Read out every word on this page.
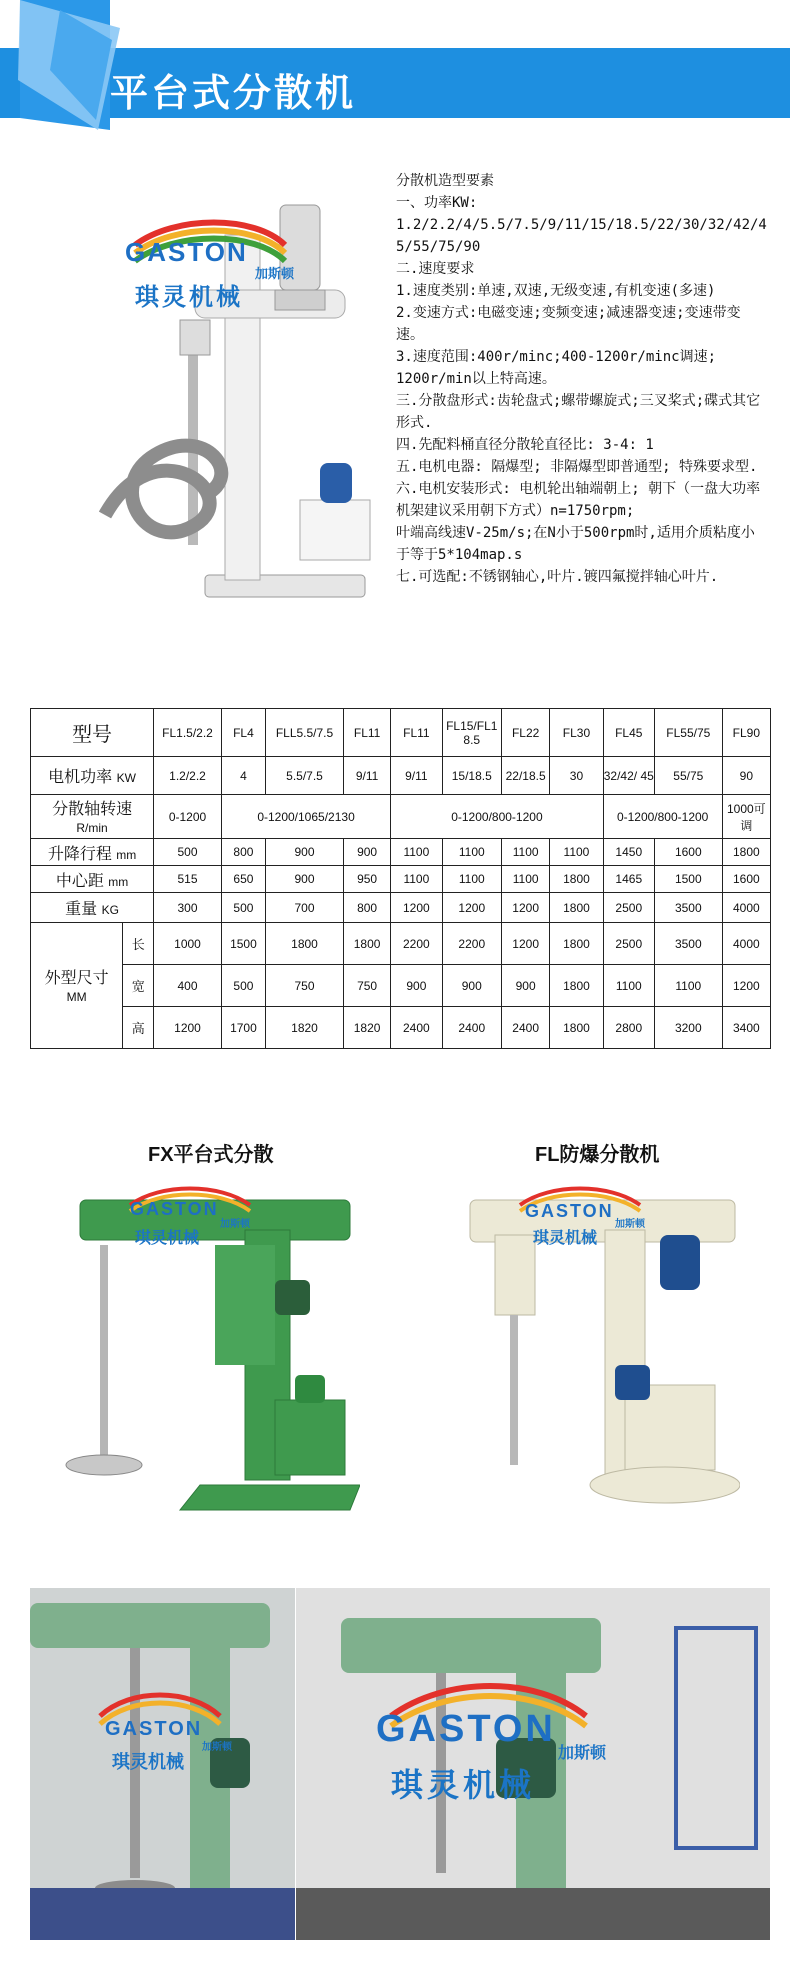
平台式分散机
GASTON
加斯顿
琪灵机械
分散机造型要素
一、功率KW:
1.2/2.2/4/5.5/7.5/9/11/15/18.5/22/30/32/42/45/55/75/90
二.速度要求
1.速度类别:单速,双速,无级变速,有机变速(多速)
2.变速方式:电磁变速;变频变速;减速器变速;变速带变速。
3.速度范围:400r/minc;400-1200r/minc调速; 1200r/min以上特高速。
三.分散盘形式:齿轮盘式;螺带螺旋式;三叉桨式;碟式其它形式.
四.先配料桶直径分散轮直径比: 3-4: 1
五.电机电器: 隔爆型; 非隔爆型即普通型; 特殊要求型.
六.电机安装形式: 电机轮出轴端朝上; 朝下（一盘大功率机架建议采用朝下方式）n=1750rpm;
叶端高线速V-25m/s;在N小于500rpm时,适用介质粘度小于等于5*104map.s
七.可选配:不锈钢轴心,叶片.镀四氟搅拌轴心叶片.
型号		FL1.5/2.2	FL4	FLL5.5/7.5	FL11	FL11	FL15/FL1 8.5	FL22	FL30	FL45	FL55/75	FL90
电机功率 KW		1.2/2.2	4	5.5/7.5	9/11	9/11	15/18.5	22/18.5	30	32/42/ 45	55/75	90

分散轴转速
R/min		0-1200	0-1200/1065/2130			0-1200/800-1200				0-1200/800-1200		1000可调
升降行程 mm		500	800	900	900	1100	1100	1100	1100	1450	1600	1800
中心距 mm		515	650	900	950	1100	1100	1100	1800	1465	1500	1600
重量 KG		300	500	700	800	1200	1200	1200	1800	2500	3500	4000

外型尺寸
MM	长	1000	1500	1800	1800	2200	2200	1200	1800	2500	3500	4000
	宽	400	500	750	750	900	900	900	1800	1100	1100	1200
	高	1200	1700	1820	1820	2400	2400	2400	1800	2800	3200	3400
FX平台式分散	FL防爆分散机
GASTON
加斯顿
琪灵机械
GASTON
加斯顿
琪灵机械
GASTON
加斯顿
琪灵机械
GASTON
加斯顿
琪灵机械
